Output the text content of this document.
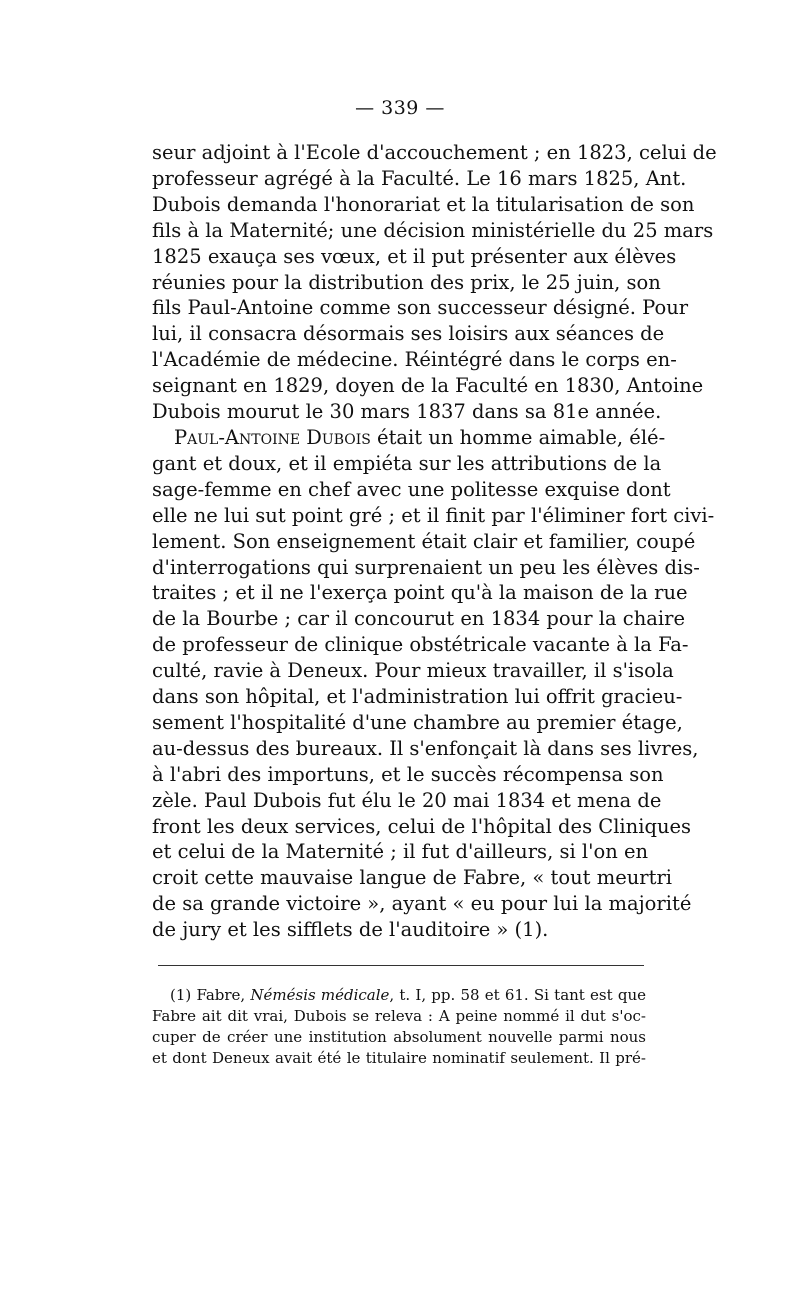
— 339 —
seur adjoint à l'Ecole d'accouchement ; en 1823, celui de
professeur agrégé à la Faculté. Le 16 mars 1825, Ant.
Dubois demanda l'honorariat et la titularisation de son
fils à la Maternité; une décision ministérielle du 25 mars
1825 exauça ses vœux, et il put présenter aux élèves
réunies pour la distribution des prix, le 25 juin, son
fils Paul-Antoine comme son successeur désigné. Pour
lui, il consacra désormais ses loisirs aux séances de
l'Académie de médecine. Réintégré dans le corps en-
seignant en 1829, doyen de la Faculté en 1830, Antoine
Dubois mourut le 30 mars 1837 dans sa 81e année.
Paul-Antoine Dubois était un homme aimable, élé-
gant et doux, et il empiéta sur les attributions de la
sage-femme en chef avec une politesse exquise dont
elle ne lui sut point gré ; et il finit par l'éliminer fort civi-
lement. Son enseignement était clair et familier, coupé
d'interrogations qui surprenaient un peu les élèves dis-
traites ; et il ne l'exerça point qu'à la maison de la rue
de la Bourbe ; car il concourut en 1834 pour la chaire
de professeur de clinique obstétricale vacante à la Fa-
culté, ravie à Deneux. Pour mieux travailler, il s'isola
dans son hôpital, et l'administration lui offrit gracieu-
sement l'hospitalité d'une chambre au premier étage,
au-dessus des bureaux. Il s'enfonçait là dans ses livres,
à l'abri des importuns, et le succès récompensa son
zèle. Paul Dubois fut élu le 20 mai 1834 et mena de
front les deux services, celui de l'hôpital des Cliniques
et celui de la Maternité ; il fut d'ailleurs, si l'on en
croit cette mauvaise langue de Fabre, « tout meurtri
de sa grande victoire », ayant « eu pour lui la majorité
de jury et les sifflets de l'auditoire » (1).
(1) Fabre, Némésis médicale, t. I, pp. 58 et 61. Si tant est que
Fabre ait dit vrai, Dubois se releva : A peine nommé il dut s'oc-
cuper de créer une institution absolument nouvelle parmi nous
et dont Deneux avait été le titulaire nominatif seulement. Il pré-
